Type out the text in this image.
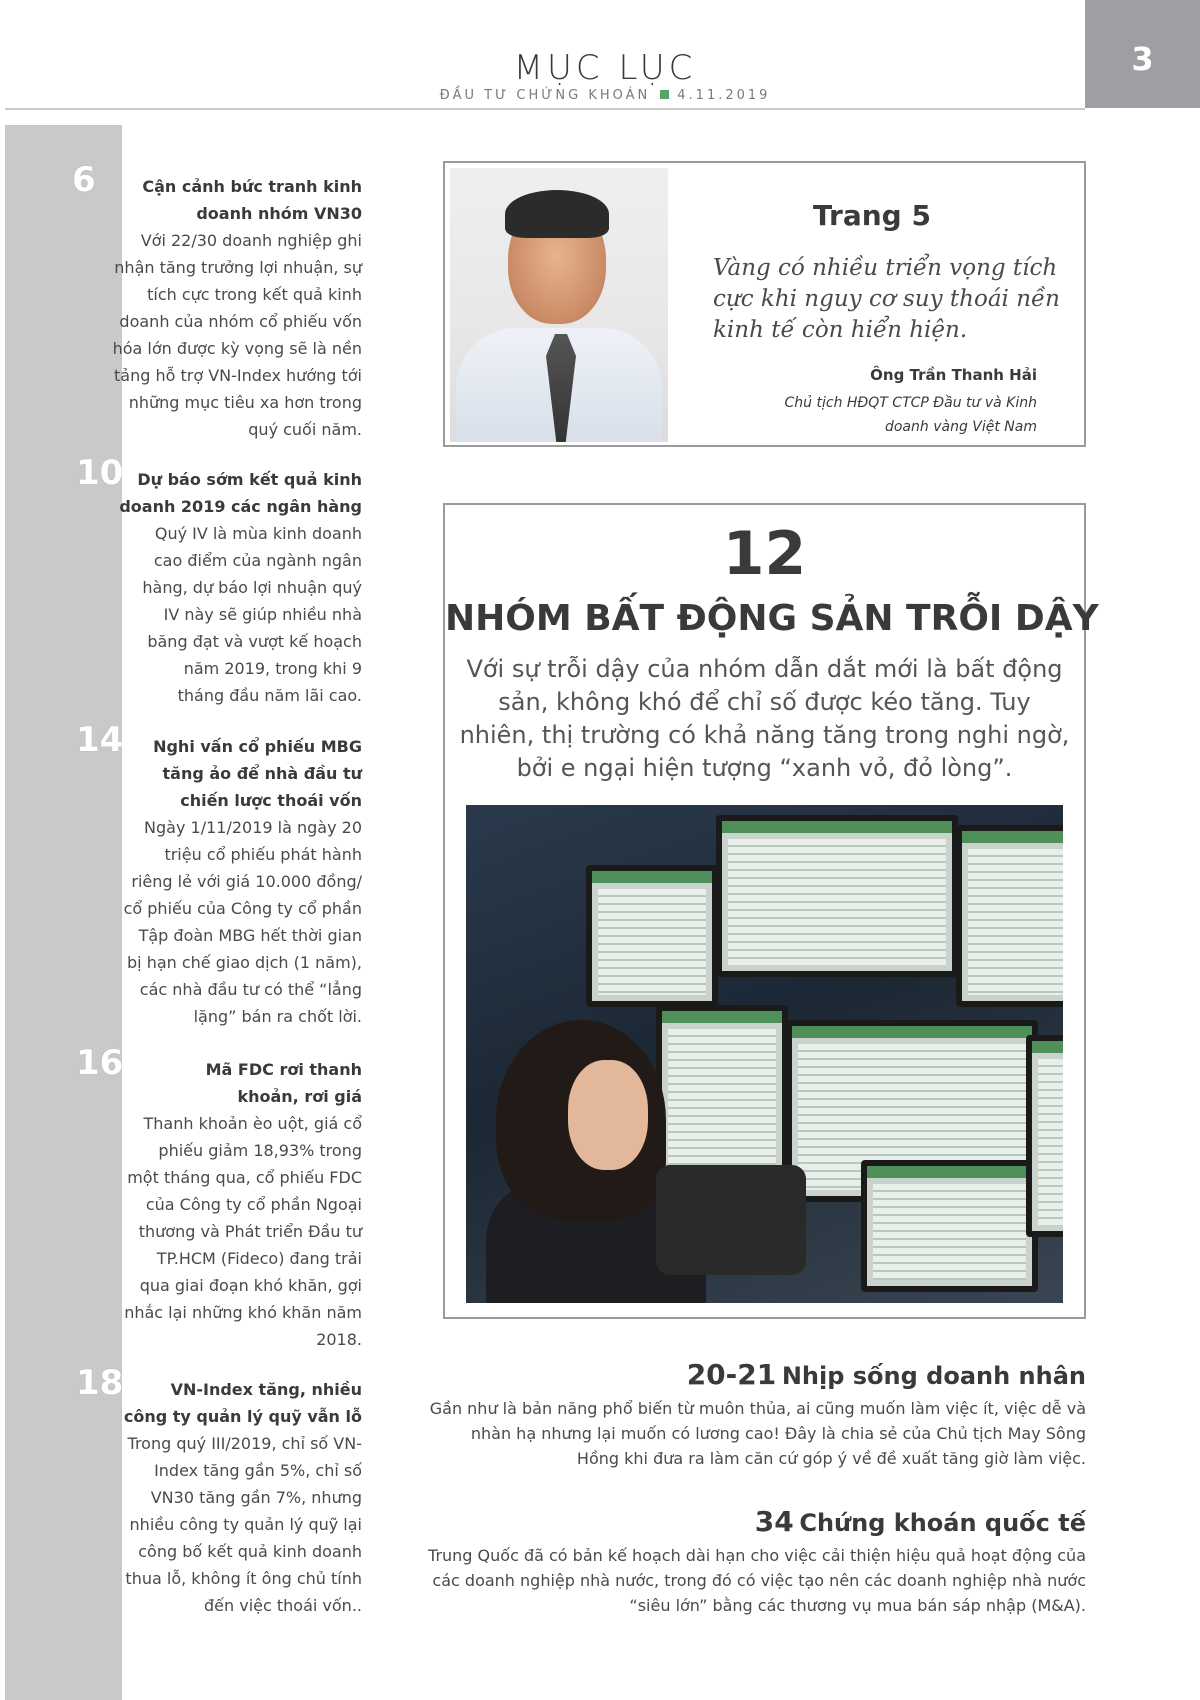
3
MỤC LỤC
ĐẦU TƯ CHỨNG KHOÁN 4.11.2019
6	Cận cảnh bức tranh kinh doanh nhóm VN30
Với 22/30 doanh nghiệp ghi nhận tăng trưởng lợi nhuận, sự tích cực trong kết quả kinh doanh của nhóm cổ phiếu vốn hóa lớn được kỳ vọng sẽ là nền tảng hỗ trợ VN-Index hướng tới những mục tiêu xa hơn trong quý cuối năm.
10 Dự báo sớm kết quả kinh doanh 2019 các ngân hàng
Quý IV là mùa kinh doanh cao điểm của ngành ngân hàng, dự báo lợi nhuận quý IV này sẽ giúp nhiều nhà băng đạt và vượt kế hoạch năm 2019, trong khi 9 tháng đầu năm lãi cao.
14	Nghi vấn cổ phiếu MBG tăng ảo để nhà đầu tư chiến lược thoái vốn
Ngày 1/11/2019 là ngày 20 triệu cổ phiếu phát hành riêng lẻ với giá 10.000 đồng/ cổ phiếu của Công ty cổ phần Tập đoàn MBG hết thời gian bị hạn chế giao dịch (1 năm), các nhà đầu tư có thể “lẳng lặng” bán ra chốt lời.
16	Mã FDC rơi thanh khoản, rơi giá
Thanh khoản èo uột, giá cổ phiếu giảm 18,93% trong một tháng qua, cổ phiếu FDC của Công ty cổ phần Ngoại thương và Phát triển Đầu tư TP.HCM (Fideco) đang trải qua giai đoạn khó khăn, gợi nhắc lại những khó khăn năm 2018.
18	VN-Index tăng, nhiều công ty quản lý quỹ vẫn lỗ
Trong quý III/2019, chỉ số VN-Index tăng gần 5%, chỉ số VN30 tăng gần 7%, nhưng nhiều công ty quản lý quỹ lại công bố kết quả kinh doanh thua lỗ, không ít ông chủ tính đến việc thoái vốn..
Trang 5
Vàng có nhiều triển vọng tích cực khi nguy cơ suy thoái nền kinh tế còn hiển hiện.
Ông Trần Thanh Hải
Chủ tịch HĐQT CTCP Đầu tư và Kinh doanh vàng Việt Nam
12
NHÓM BẤT ĐỘNG SẢN TRỖI DẬY
Với sự trỗi dậy của nhóm dẫn dắt mới là bất động sản, không khó để chỉ số được kéo tăng. Tuy nhiên, thị trường có khả năng tăng trong nghi ngờ, bởi e ngại hiện tượng “xanh vỏ, đỏ lòng”.
20-21 Nhịp sống doanh nhân
Gần như là bản năng phổ biến từ muôn thủa, ai cũng muốn làm việc ít, việc dễ và nhàn hạ nhưng lại muốn có lương cao! Đây là chia sẻ của Chủ tịch May Sông Hồng khi đưa ra làm căn cứ góp ý về đề xuất tăng giờ làm việc.
34 Chứng khoán quốc tế
Trung Quốc đã có bản kế hoạch dài hạn cho việc cải thiện hiệu quả hoạt động của các doanh nghiệp nhà nước, trong đó có việc tạo nên các doanh nghiệp nhà nước “siêu lớn” bằng các thương vụ mua bán sáp nhập (M&A).
